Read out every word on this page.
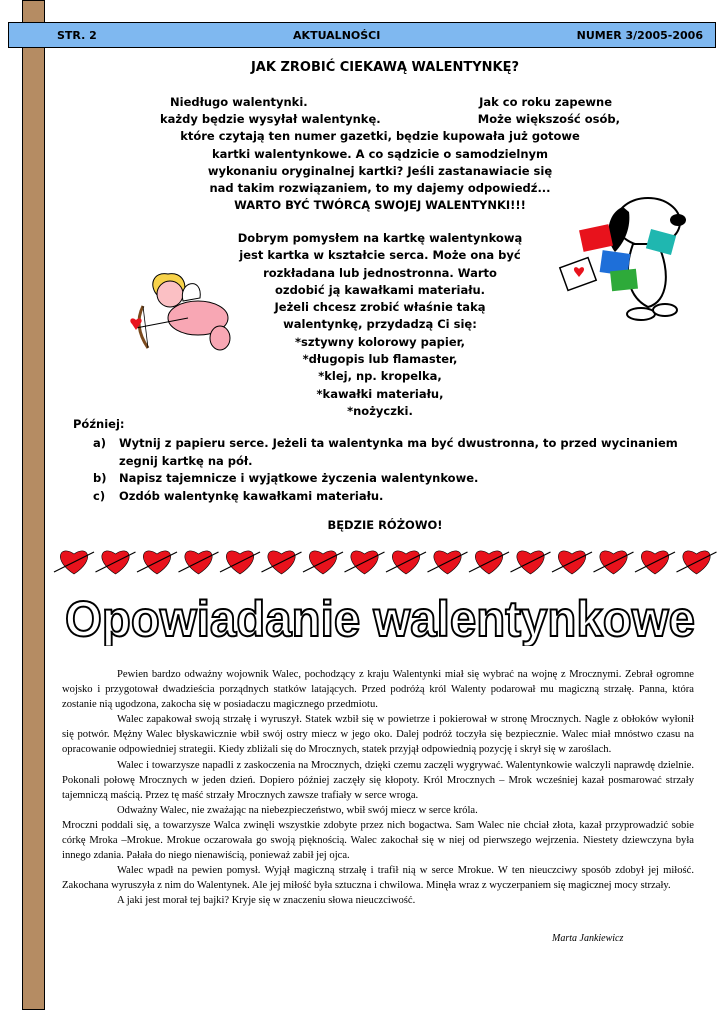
STR. 2	AKTUALNOŚCI	NUMER 3/2005-2006
JAK ZROBIĆ CIEKAWĄ WALENTYNKĘ?
Niedługo walentynki.	Jak co roku zapewne
każdy będzie wysyłał walentynkę.	Może większość osób,
które czytają ten numer gazetki, będzie kupowała już gotowe
kartki walentynkowe. A co sądzicie o samodzielnym
wykonaniu oryginalnej kartki? Jeśli zastanawiacie się
nad takim rozwiązaniem, to my dajemy odpowiedź...
WARTO BYĆ TWÓRCĄ SWOJEJ WALENTYNKI!!!
Dobrym pomysłem na kartkę walentynkową
jest kartka w kształcie serca. Może ona być
rozkładana lub jednostronna. Warto
ozdobić ją kawałkami materiału.
Jeżeli chcesz zrobić właśnie taką
walentynkę, przydadzą Ci się:
*sztywny kolorowy papier,
*długopis lub flamaster,
*klej, np. kropelka,
*kawałki materiału,
*nożyczki.
Później:
a)	Wytnij z papieru serce. Jeżeli ta walentynka ma być dwustronna, to przed wycinaniem zegnij kartkę na pół.
b)	Napisz tajemnicze i wyjątkowe życzenia walentynkowe.
c)	Ozdób walentynkę kawałkami materiału.
BĘDZIE RÓŻOWO!
Opowiadanie walentynkowe

Pewien bardzo odważny wojownik Walec, pochodzący z kraju Walentynki miał się wybrać na wojnę z Mrocznymi. Zebrał ogromne wojsko i przygotował dwadzieścia porządnych statków latających. Przed podróżą król Walenty podarował mu magiczną strzałę. Panna, która zostanie nią ugodzona, zakocha się w posiadaczu magicznego przedmiotu.

Walec zapakował swoją strzałę i wyruszył. Statek wzbił się w powietrze i pokierował w stronę Mrocznych. Nagle z obłoków wyłonił się potwór. Mężny Walec błyskawicznie wbił swój ostry miecz w jego oko. Dalej podróż toczyła się bezpiecznie. Walec miał mnóstwo czasu na opracowanie odpowiedniej strategii. Kiedy zbliżali się do Mrocznych, statek przyjął odpowiednią pozycję i skrył się w zaroślach.

Walec i towarzysze napadli z zaskoczenia na Mrocznych, dzięki czemu zaczęli wygrywać. Walentynkowie walczyli naprawdę dzielnie. Pokonali połowę Mrocznych w jeden dzień. Dopiero później zaczęły się kłopoty. Król Mrocznych – Mrok wcześniej kazał posmarować strzały tajemniczą maścią. Przez tę maść strzały Mrocznych zawsze trafiały w serce wroga.

Odważny Walec, nie zważając na niebezpieczeństwo, wbił swój miecz w serce króla.

Mroczni poddali się, a towarzysze Walca zwinęli wszystkie zdobyte przez nich bogactwa. Sam Walec nie chciał złota, kazał przyprowadzić sobie córkę Mroka –Mrokue. Mrokue oczarowała go swoją pięknością. Walec zakochał się w niej od pierwszego wejrzenia. Niestety dziewczyna była innego zdania. Pałała do niego nienawiścią, ponieważ zabił jej ojca.

Walec wpadł na pewien pomysł. Wyjął magiczną strzałę i trafił nią w serce Mrokue. W ten nieuczciwy sposób zdobył jej miłość. Zakochana wyruszyła z nim do Walentynek. Ale jej miłość była sztuczna i chwilowa. Minęła wraz z wyczerpaniem się magicznej mocy strzały.

A jaki jest morał tej bajki? Kryje się w znaczeniu słowa nieuczciwość.

Marta Jankiewicz
